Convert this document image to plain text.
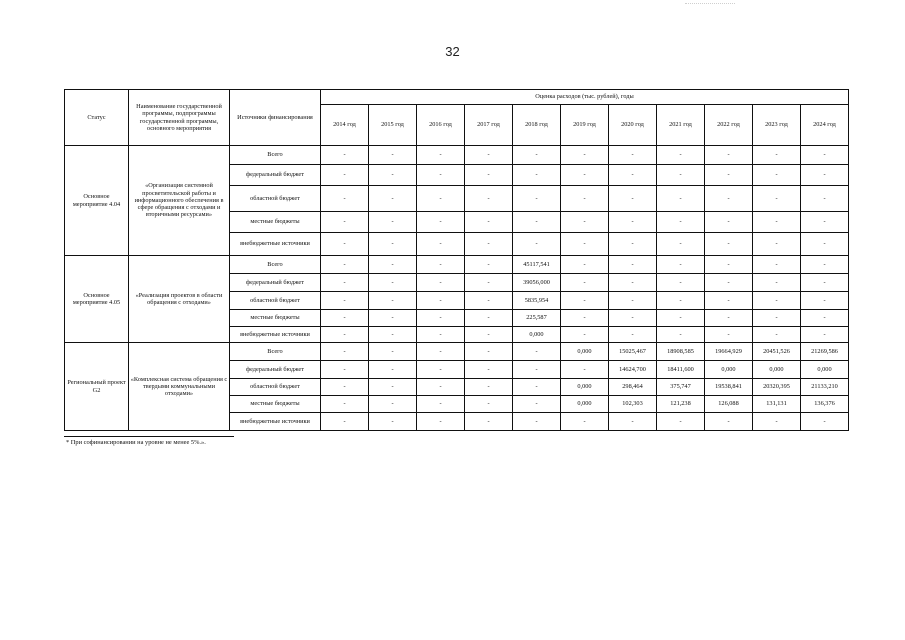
32
Статус	Наименование государственной программы, подпрограммы государственной программы, основного мероприятия	Источники финансирования	Оценка расходов (тыс. рублей), годы										
			2014 год	2015 год	2016 год	2017 год	2018 год	2019 год	2020 год	2021 год	2022 год	2023 год	2024 год
Основное мероприятие 4.04	«Организация системной просветительской работы и информационного обеспечения в сфере обращения с отходами и вторичными ресурсами»	Всего	-	-	-	-	-	-	-	-	-	-	-
		федеральный бюджет	-	-	-	-	-	-	-	-	-	-	-
		областной бюджет	-	-	-	-	-	-	-	-	-	-	-
		местные бюджеты	-	-	-	-	-	-	-	-	-	-	-
		внебюджетные источники	-	-	-	-	-	-	-	-	-	-	-
Основное мероприятие 4.05	«Реализация проектов в области обращения с отходами»	Всего	-	-	-	-	45117,541	-	-	-	-	-	-
		федеральный бюджет	-	-	-	-	39056,000	-	-	-	-	-	-
		областной бюджет	-	-	-	-	5835,954	-	-	-	-	-	-
		местные бюджеты	-	-	-	-	225,587	-	-	-	-	-	-
		внебюджетные источники	-	-	-	-	0,000	-	-	-	-	-	-
Региональный проект G2	«Комплексная система обращения с твердыми коммунальными отходами»	Всего	-	-	-	-	-	0,000	15025,467	18908,585	19664,929	20451,526	21269,586
		федеральный бюджет	-	-	-	-	-	-	14624,700	18411,600	0,000	0,000	0,000
		областной бюджет	-	-	-	-	-	0,000	298,464	375,747	19538,841	20320,395	21133,210
		местные бюджеты	-	-	-	-	-	0,000	102,303	121,238	126,088	131,131	136,376
		внебюджетные источники	-	-	-	-	-	-	-	-	-	-	-
* При софинансировании на уровне не менее 5%.».
